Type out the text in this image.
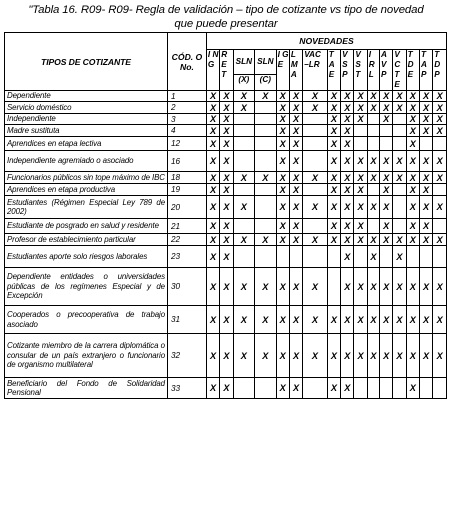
"Tabla 16. R09- R09- Regla de validación – tipo de cotizante vs tipo de novedad
que puede presentar
TIPOS DE COTIZANTE	CÓD. O No.	NOVEDADES															
		I N G	R E T	SLN	SLN	I G E	L M A	VAC –LR	T A E	V S P	V S T	I R L	A V P	V C T E	T D E	T A P	T D P
				(X)	(C)												
Dependiente	1	X	X	X	X	X	X	X	X	X	X	X	X	X	X	X	X
Servicio doméstico	2	X	X	X		X	X	X	X	X	X	X	X	X	X	X	X
Independiente	3	X	X			X	X		X	X	X		X		X	X	X
Madre sustituta	4	X	X			X	X		X	X					X	X	X
Aprendices en etapa lectiva	12	X	X			X	X		X	X					X		
Independiente agremiado o asociado	16	X	X			X	X		X	X	X	X	X	X	X	X	X
Funcionarios públicos sin tope máximo de IBC	18	X	X	X	X	X	X	X	X	X	X	X	X	X	X	X	X
Aprendices en etapa productiva	19	X	X			X	X		X	X	X		X		X	X	
Estudiantes (Régimen Especial Ley 789 de 2002)	20	X	X	X		X	X	X	X	X	X	X	X		X	X	X
Estudiante de posgrado en salud y residente	21	X	X			X	X		X	X	X		X		X	X	
Profesor de establecimiento particular	22	X	X	X	X	X	X	X	X	X	X	X	X	X	X	X	X
Estudiantes aporte solo riesgos laborales	23	X	X							X		X		X			
Dependiente entidades o universidades públicas de los regímenes Especial y de Excepción	30	X	X	X	X	X	X	X		X	X	X	X	X	X	X	X
Cooperados o precooperativa de trabajo asociado	31	X	X	X	X	X	X	X	X	X	X	X	X	X	X	X	X
Cotizante miembro de la carrera diplomática o consular de un país extranjero o funcionario de organismo multilateral	32	X	X	X	X	X	X	X	X	X	X	X	X	X	X	X	X
Beneficiario del Fondo de Solidaridad Pensional	33	X	X			X	X		X	X					X		
